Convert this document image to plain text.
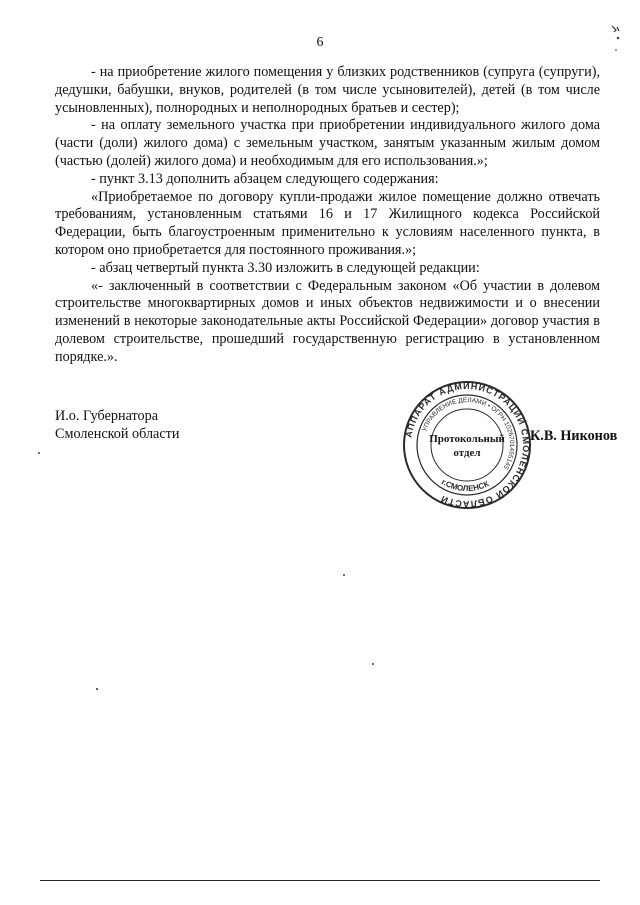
6

- на приобретение жилого помещения у близких родственников (супруга (супруги), дедушки, бабушки, внуков, родителей (в том числе усыновителей), детей (в том числе усыновленных), полнородных и неполнородных братьев и сестер);

- на оплату земельного участка при приобретении индивидуального жилого дома (части (доли) жилого дома) с земельным участком, занятым указанным жилым домом (частью (долей) жилого дома) и необходимым для его использования.»;

- пункт 3.13 дополнить абзацем следующего содержания:

«Приобретаемое по договору купли-продажи жилое помещение должно отвечать требованиям, установленным статьями 16 и 17 Жилищного кодекса Российской Федерации, быть благоустроенным применительно к условиям населенного пункта, в котором оно приобретается для постоянного проживания.»;

- абзац четвертый пункта 3.30 изложить в следующей редакции:

«- заключенный в соответствии с Федеральным законом «Об участии в долевом строительстве многоквартирных домов и иных объектов недвижимости и о внесении изменений в некоторые законодательные акты Российской Федерации» договор участия в долевом строительстве, прошедший государственную регистрацию в установленном порядке.».

И.о. Губернатора
Смоленской области	АППАРАТ АДМИНИСТРАЦИИ СМОЛЕНСКОЙ ОБЛАСТИ
УПРАВЛЕНИЕ ДЕЛАМИ • ОГРН 1026701455145
г.СМОЛЕНСК
Протокольный
отдел
К.В. Никонов
